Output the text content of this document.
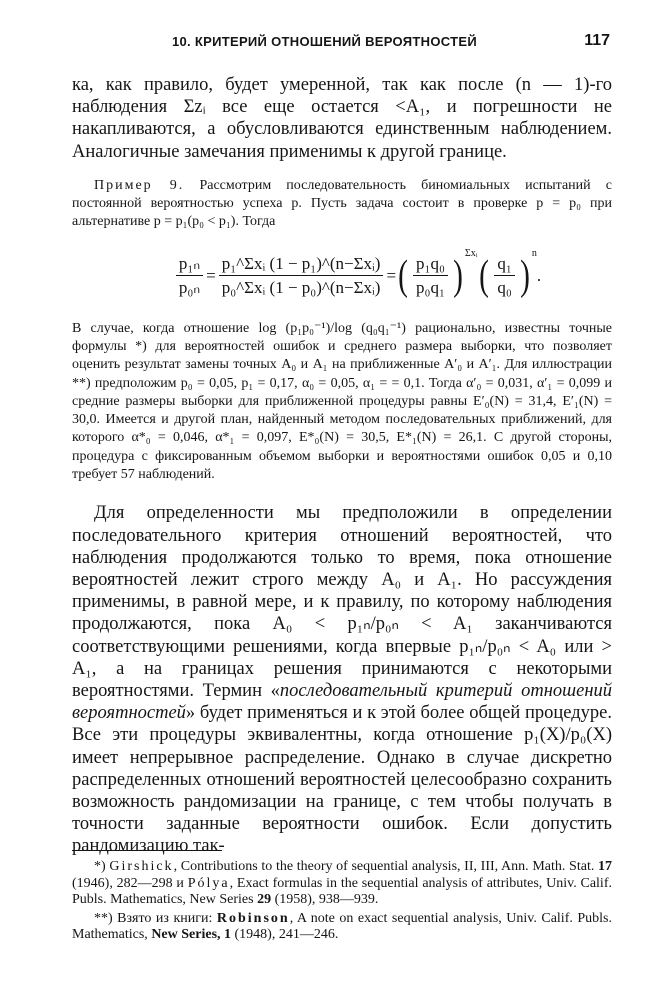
10. КРИТЕРИЙ ОТНОШЕНИЙ ВЕРОЯТНОСТЕЙ	117

ка, как правило, будет умеренной, так как после (n — 1)-го наблюдения Σzᵢ все еще остается <A₁, и погрешности не накапливаются, а обусловливаются единственным наблюдением. Аналогичные замечания применимы к другой границе.

Пример 9. Рассмотрим последовательность биномиальных испытаний с постоянной вероятностью успеха p. Пусть задача состоит в проверке p = p₀ при альтернативе p = p₁(p₀ < p₁). Тогда

$\frac{\text{p₁ₙ}}{\text{p₀ₙ}} = \frac{\text{p₁\textasciicircum{}Σxᵢ (1 − p₁)\textasciicircum{}(n−Σxᵢ)}}{\text{p₀\textasciicircum{}Σxᵢ (1 − p₀)\textasciicircum{}(n−Σxᵢ)}}$ = ( $\frac{\text{p₁q₀}}{\text{p₀q₁}}$ ) Σxᵢ ( $\frac{\text{q₁}}{\text{q₀}}$ ) n
.

В случае, когда отношение log (p₁p₀⁻¹)/log (q₀q₁⁻¹) рационально, известны точные формулы *) для вероятностей ошибок и среднего размера выборки, что позволяет оценить результат замены точных A₀ и A₁ на приближенные A′₀ и A′₁. Для иллюстрации **) предположим p₀ = 0,05, p₁ = 0,17, α₀ = 0,05, α₁ = = 0,1. Тогда α′₀ = 0,031, α′₁ = 0,099 и средние размеры выборки для приближенной процедуры равны E′₀(N) = 31,4, E′₁(N) = 30,0. Имеется и другой план, найденный методом последовательных приближений, для которого α*₀ = 0,046, α*₁ = 0,097, E*₀(N) = 30,5, E*₁(N) = 26,1. С другой стороны, процедура с фиксированным объемом выборки и вероятностями ошибок 0,05 и 0,10 требует 57 наблюдений.

Для определенности мы предположили в определении последовательного критерия отношений вероятностей, что наблюдения продолжаются только то время, пока отношение вероятностей лежит строго между A₀ и A₁. Но рассуждения применимы, в равной мере, и к правилу, по которому наблюдения продолжаются, пока A₀ < p₁ₙ/p₀ₙ < A₁ заканчиваются соответствующими решениями, когда впервые p₁ₙ/p₀ₙ < A₀ или > A₁, а на границах решения принимаются с некоторыми вероятностями. Термин «последовательный критерий отношений вероятностей» будет применяться и к этой более общей процедуре. Все эти процедуры эквивалентны, когда отношение p₁(X)/p₀(X) имеет непрерывное распределение. Однако в случае дискретно распределенных отношений вероятностей целесообразно сохранить возможность рандомизации на границе, с тем чтобы получать в точности заданные вероятности ошибок. Если допустить рандомизацию так-

*) Girshick, Contributions to the theory of sequential analysis, II, III, Ann. Math. Stat. 17 (1946), 282—298 и Pólya, Exact formulas in the sequential analysis of attributes, Univ. Calif. Publs. Mathematics, New Series 29 (1958), 938—939.

**) Взято из книги: Robinson, A note on exact sequential analysis, Univ. Calif. Publs. Mathematics, New Series, 1 (1948), 241—246.
